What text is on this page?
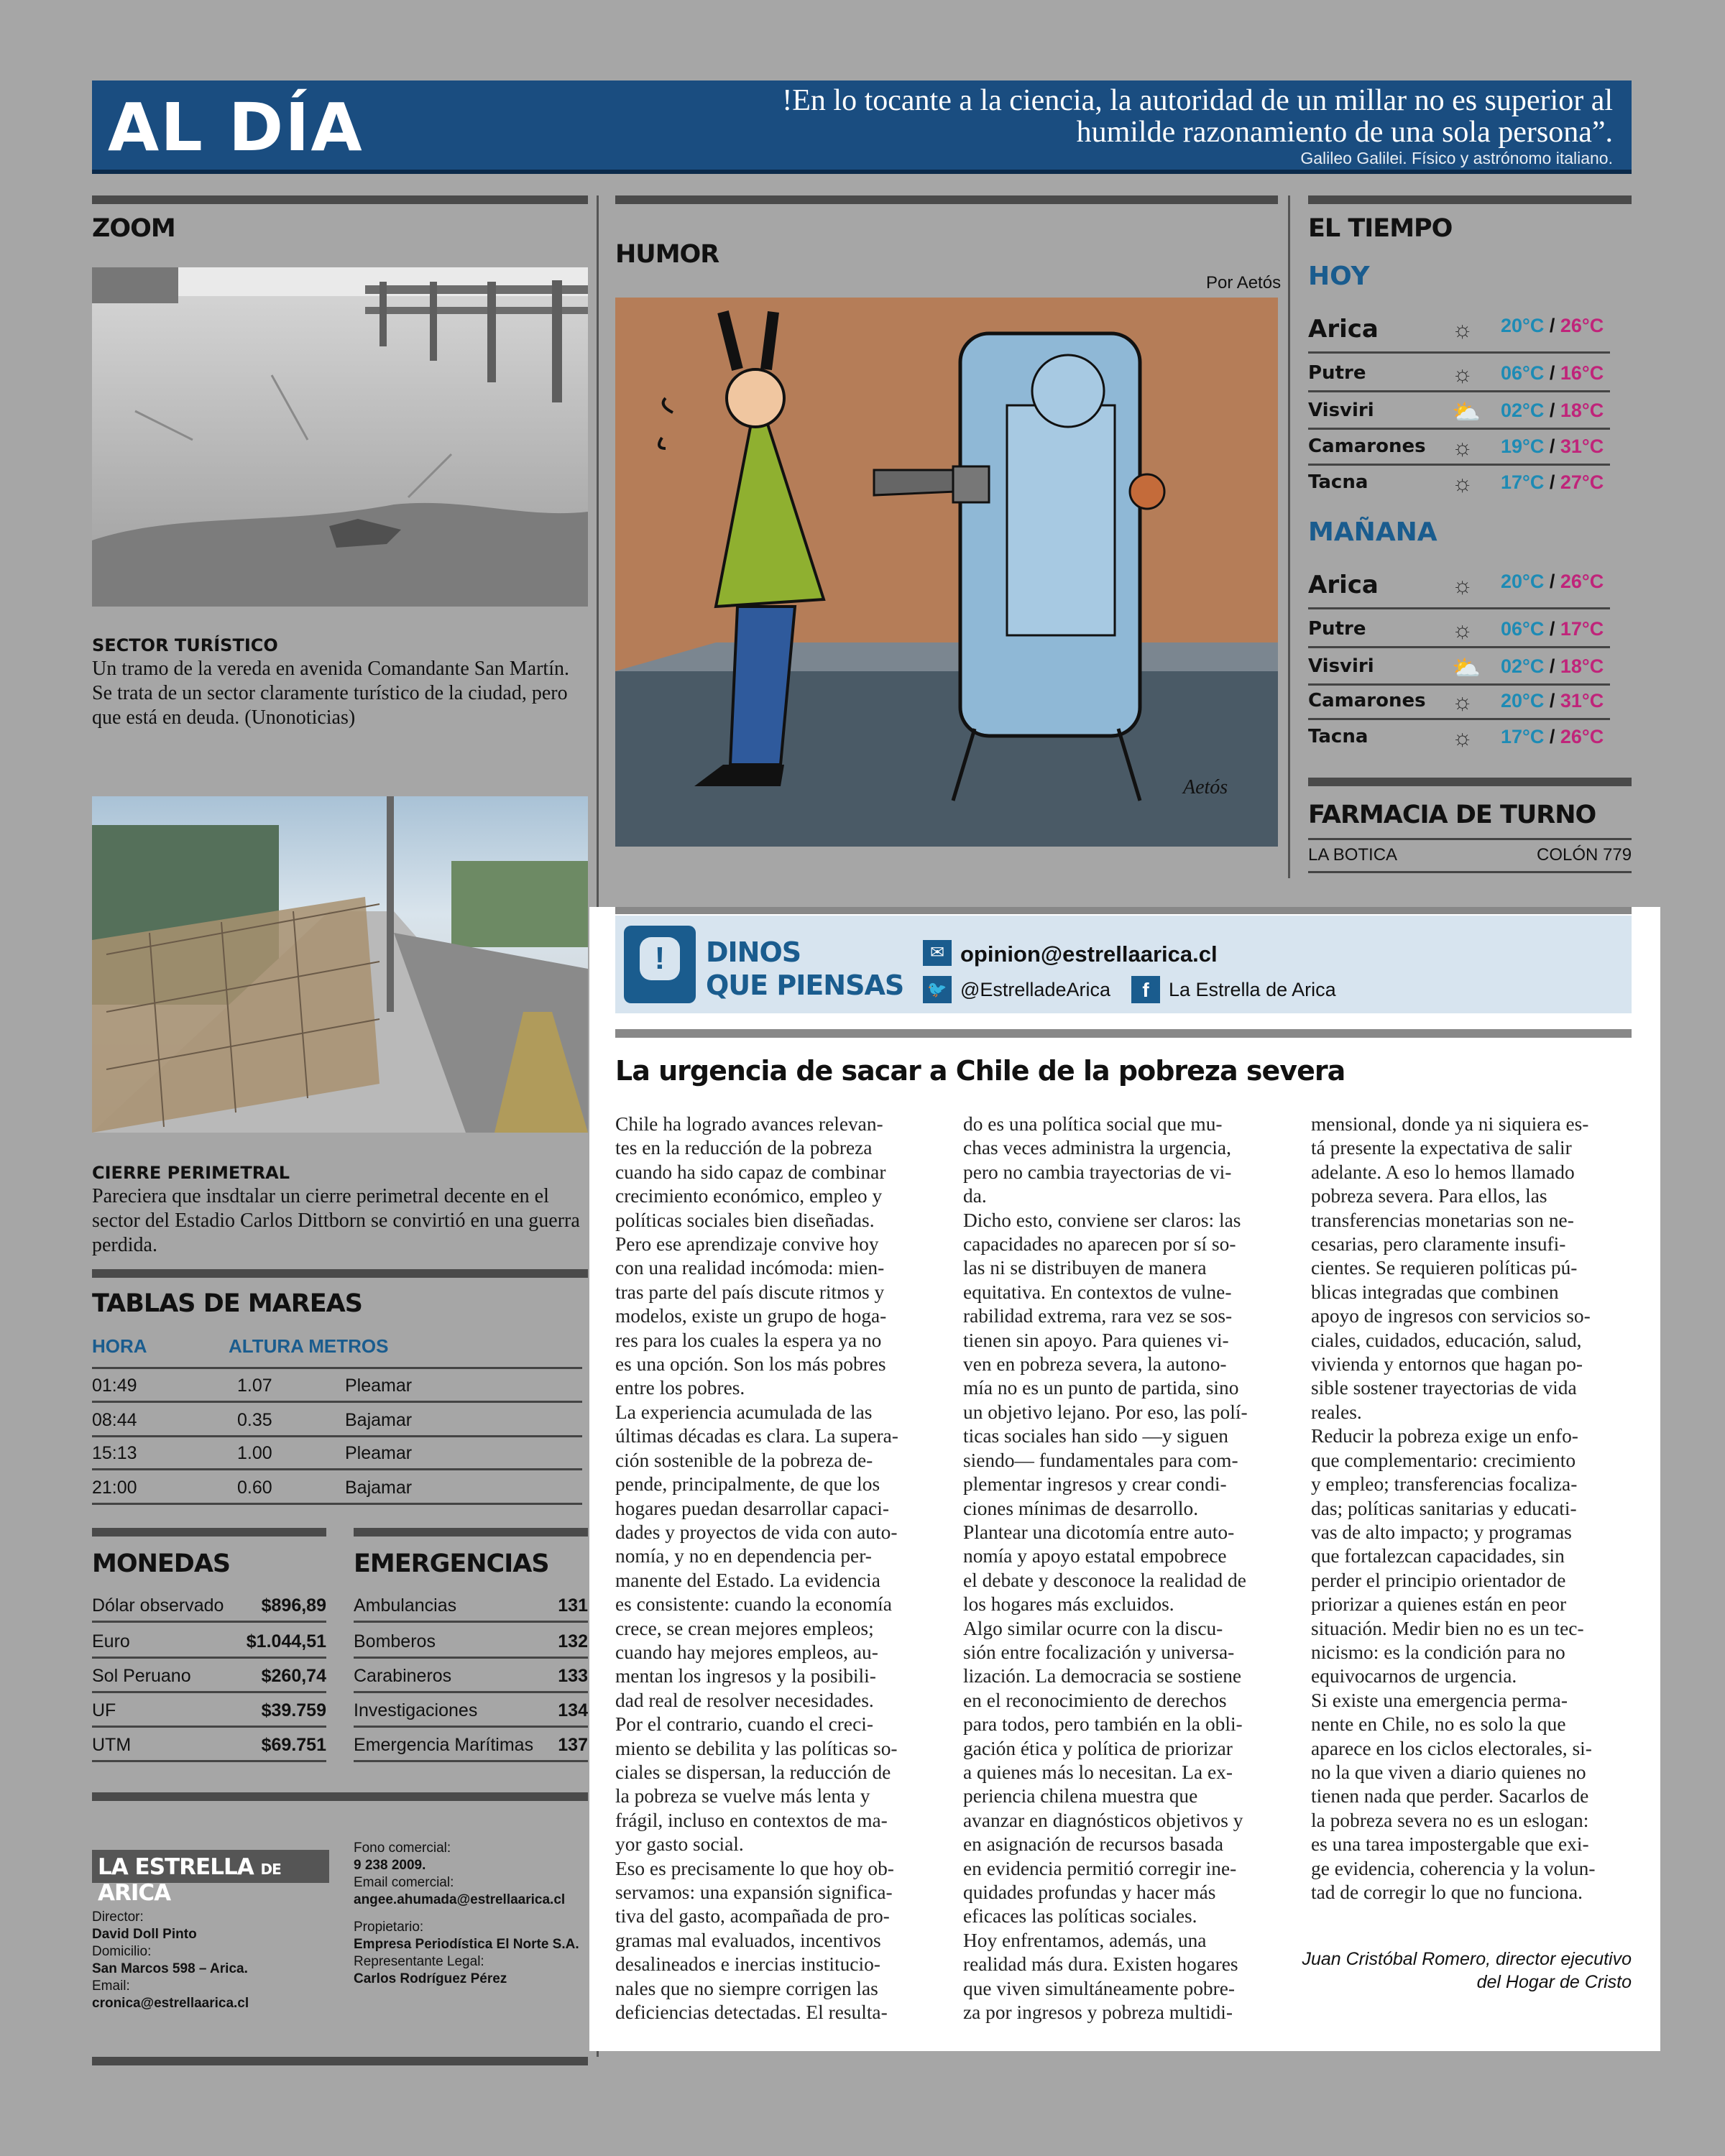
AL DÍA	!En lo tocante a la ciencia, la autoridad de un millar no es superior al humilde razonamiento de una sola persona”.
Galileo Galilei. Físico y astrónomo italiano.
ZOOM
SECTOR TURÍSTICO
Un tramo de la vereda en avenida Comandante San Martín. Se trata de un sector claramente turístico de la ciudad, pero que está en deuda. (Unonoticias)
CIERRE PERIMETRAL
Pareciera que insdtalar un cierre perimetral decente en el sector del Estadio Carlos Dittborn se convirtió en una guerra perdida.
TABLAS DE MAREAS
HORA	ALTURA METROS
01:49	1.07	Pleamar
08:44	0.35	Bajamar
15:13	1.00	Pleamar
21:00	0.60	Bajamar
MONEDAS
Dólar observado $896,89
Euro	$1.044,51
Sol Peruano	$260,74
UF	$39.759
UTM	$69.751
EMERGENCIAS
Ambulancias	131
Bomberos	132
Carabineros	133
Investigaciones	134
Emergencia Marítimas 137
LA ESTRELLA DE ARICA
Director:
David Doll Pinto
Domicilio:
San Marcos 598 – Arica.
Email:
cronica@estrellaarica.cl
Fono comercial:
9 238 2009.
Email comercial:
angee.ahumada@estrellaarica.cl
Propietario:
Empresa Periodística El Norte S.A.
Representante Legal:
Carlos Rodríguez Pérez
HUMOR
Por Aetós
Aetós
EL TIEMPO
HOY
Arica	☼ 20°C / 26°C
Putre	☼ 06°C / 16°C
Visviri	⛅ 02°C / 18°C
Camarones ☼ 19°C / 31°C
Tacna	☼ 17°C / 27°C
MAÑANA
Arica	☼ 20°C / 26°C
Putre	☼ 06°C / 17°C
Visviri	⛅ 02°C / 18°C
Camarones ☼ 20°C / 31°C
Tacna	☼ 17°C / 26°C
FARMACIA DE TURNO
LA BOTICA	COLÓN 779
!	DINOS
QUE PIENSAS
✉ opinion@estrellaarica.cl
🐦 @EstrelladeArica	f	La Estrella de Arica
La urgencia de sacar a Chile de la pobreza severa
Chile ha logrado avances relevan-
tes en la reducción de la pobreza
cuando ha sido capaz de combinar
crecimiento económico, empleo y
políticas sociales bien diseñadas.
Pero ese aprendizaje convive hoy
con una realidad incómoda: mien-
tras parte del país discute ritmos y
modelos, existe un grupo de hoga-
res para los cuales la espera ya no
es una opción. Son los más pobres
entre los pobres.
La experiencia acumulada de las
últimas décadas es clara. La supera-
ción sostenible de la pobreza de-
pende, principalmente, de que los
hogares puedan desarrollar capaci-
dades y proyectos de vida con auto-
nomía, y no en dependencia per-
manente del Estado. La evidencia
es consistente: cuando la economía
crece, se crean mejores empleos;
cuando hay mejores empleos, au-
mentan los ingresos y la posibili-
dad real de resolver necesidades.
Por el contrario, cuando el creci-
miento se debilita y las políticas so-
ciales se dispersan, la reducción de
la pobreza se vuelve más lenta y
frágil, incluso en contextos de ma-
yor gasto social.
Eso es precisamente lo que hoy ob-
servamos: una expansión significa-
tiva del gasto, acompañada de pro-
gramas mal evaluados, incentivos
desalineados e inercias institucio-
nales que no siempre corrigen las
deficiencias detectadas. El resulta-
do es una política social que mu-
chas veces administra la urgencia,
pero no cambia trayectorias de vi-
da.
Dicho esto, conviene ser claros: las
capacidades no aparecen por sí so-
las ni se distribuyen de manera
equitativa. En contextos de vulne-
rabilidad extrema, rara vez se sos-
tienen sin apoyo. Para quienes vi-
ven en pobreza severa, la autono-
mía no es un punto de partida, sino
un objetivo lejano. Por eso, las polí-
ticas sociales han sido —y siguen
siendo— fundamentales para com-
plementar ingresos y crear condi-
ciones mínimas de desarrollo.
Plantear una dicotomía entre auto-
nomía y apoyo estatal empobrece
el debate y desconoce la realidad de
los hogares más excluidos.
Algo similar ocurre con la discu-
sión entre focalización y universa-
lización. La democracia se sostiene
en el reconocimiento de derechos
para todos, pero también en la obli-
gación ética y política de priorizar
a quienes más lo necesitan. La ex-
periencia chilena muestra que
avanzar en diagnósticos objetivos y
en asignación de recursos basada
en evidencia permitió corregir ine-
quidades profundas y hacer más
eficaces las políticas sociales.
Hoy enfrentamos, además, una
realidad más dura. Existen hogares
que viven simultáneamente pobre-
za por ingresos y pobreza multidi-
mensional, donde ya ni siquiera es-
tá presente la expectativa de salir
adelante. A eso lo hemos llamado
pobreza severa. Para ellos, las
transferencias monetarias son ne-
cesarias, pero claramente insufi-
cientes. Se requieren políticas pú-
blicas integradas que combinen
apoyo de ingresos con servicios so-
ciales, cuidados, educación, salud,
vivienda y entornos que hagan po-
sible sostener trayectorias de vida
reales.
Reducir la pobreza exige un enfo-
que complementario: crecimiento
y empleo; transferencias focaliza-
das; políticas sanitarias y educati-
vas de alto impacto; y programas
que fortalezcan capacidades, sin
perder el principio orientador de
priorizar a quienes están en peor
situación. Medir bien no es un tec-
nicismo: es la condición para no
equivocarnos de urgencia.
Si existe una emergencia perma-
nente en Chile, no es solo la que
aparece en los ciclos electorales, si-
no la que viven a diario quienes no
tienen nada que perder. Sacarlos de
la pobreza severa no es un eslogan:
es una tarea impostergable que exi-
ge evidencia, coherencia y la volun-
tad de corregir lo que no funciona.
Juan Cristóbal Romero, director ejecutivo
del Hogar de Cristo
